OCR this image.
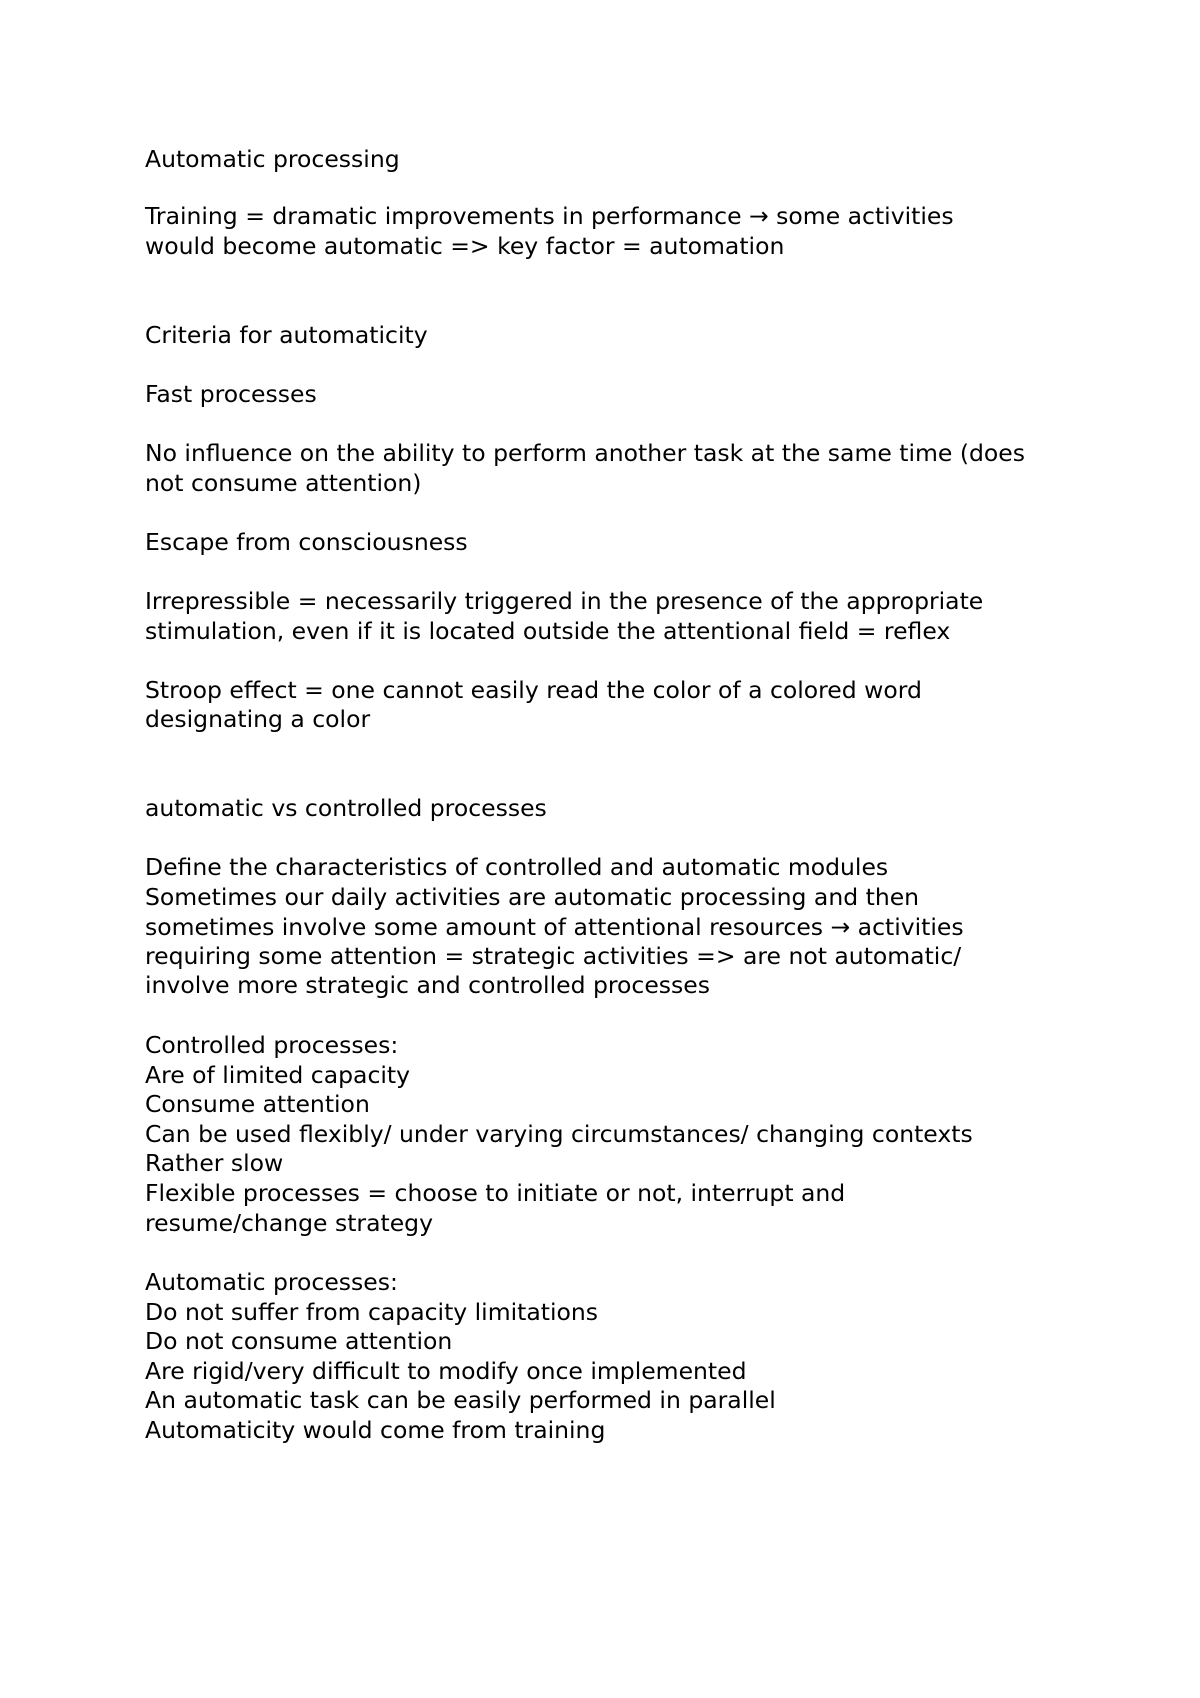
Automatic processing
Training = dramatic improvements in performance → some activities
would become automatic => key factor = automation
Criteria for automaticity
Fast processes
No influence on the ability to perform another task at the same time (does
not consume attention)
Escape from consciousness
Irrepressible = necessarily triggered in the presence of the appropriate
stimulation, even if it is located outside the attentional field = reflex
Stroop effect = one cannot easily read the color of a colored word
designating a color
automatic vs controlled processes
Define the characteristics of controlled and automatic modules
Sometimes our daily activities are automatic processing and then
sometimes involve some amount of attentional resources → activities
requiring some attention = strategic activities => are not automatic/
involve more strategic and controlled processes
Controlled processes:
Are of limited capacity
Consume attention
Can be used flexibly/ under varying circumstances/ changing contexts
Rather slow
Flexible processes = choose to initiate or not, interrupt and
resume/change strategy
Automatic processes:
Do not suffer from capacity limitations
Do not consume attention
Are rigid/very difficult to modify once implemented
An automatic task can be easily performed in parallel
Automaticity would come from training
